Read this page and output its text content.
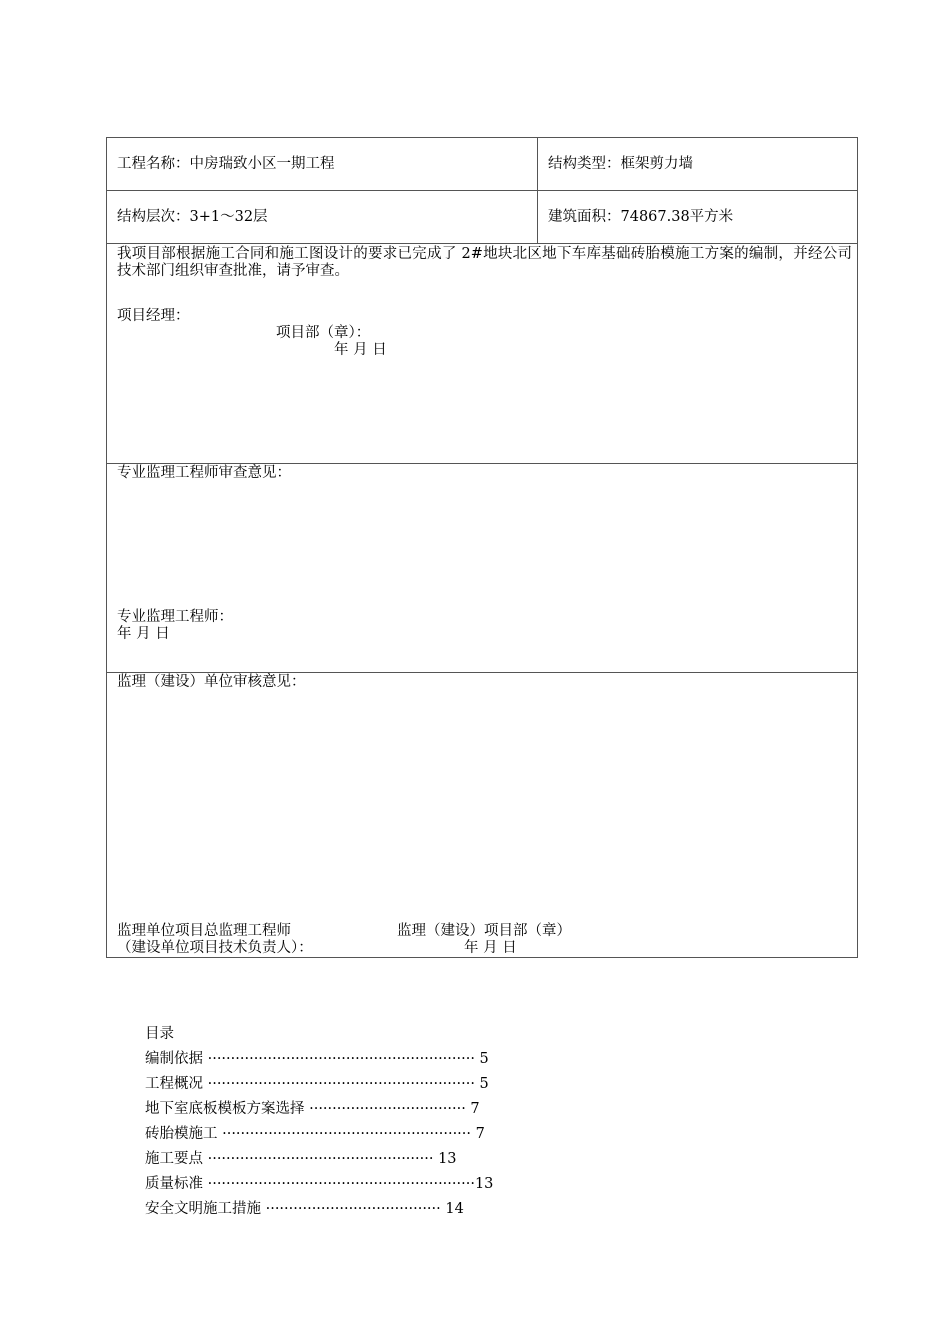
工程名称：中房瑞致小区一期工程	结构类型：框架剪力墙
结构层次：3+1～32层	建筑面积：74867.38平方米

我项目部根据施工合同和施工图设计的要求已完成了 2#地块北区地下车库基础砖胎模施工方案的编制，并经公司技术部门组织审查批准，请予审查。
项目经理：
项目部（章）：
年 月 日	

专业监理工程师审查意见：
专业监理工程师：
年 月 日	

监理（建设）单位审核意见：
监理单位项目总监理工程师
（建设单位项目技术负责人）：
监理（建设）项目部（章）
年 月 日	
目录
编制依据 ·························································· 5
工程概况 ·························································· 5
地下室底板模板方案选择 ·································· 7
砖胎模施工 ······················································ 7
施工要点 ················································· 13
质量标准 ··························································13
安全文明施工措施 ······································ 14
